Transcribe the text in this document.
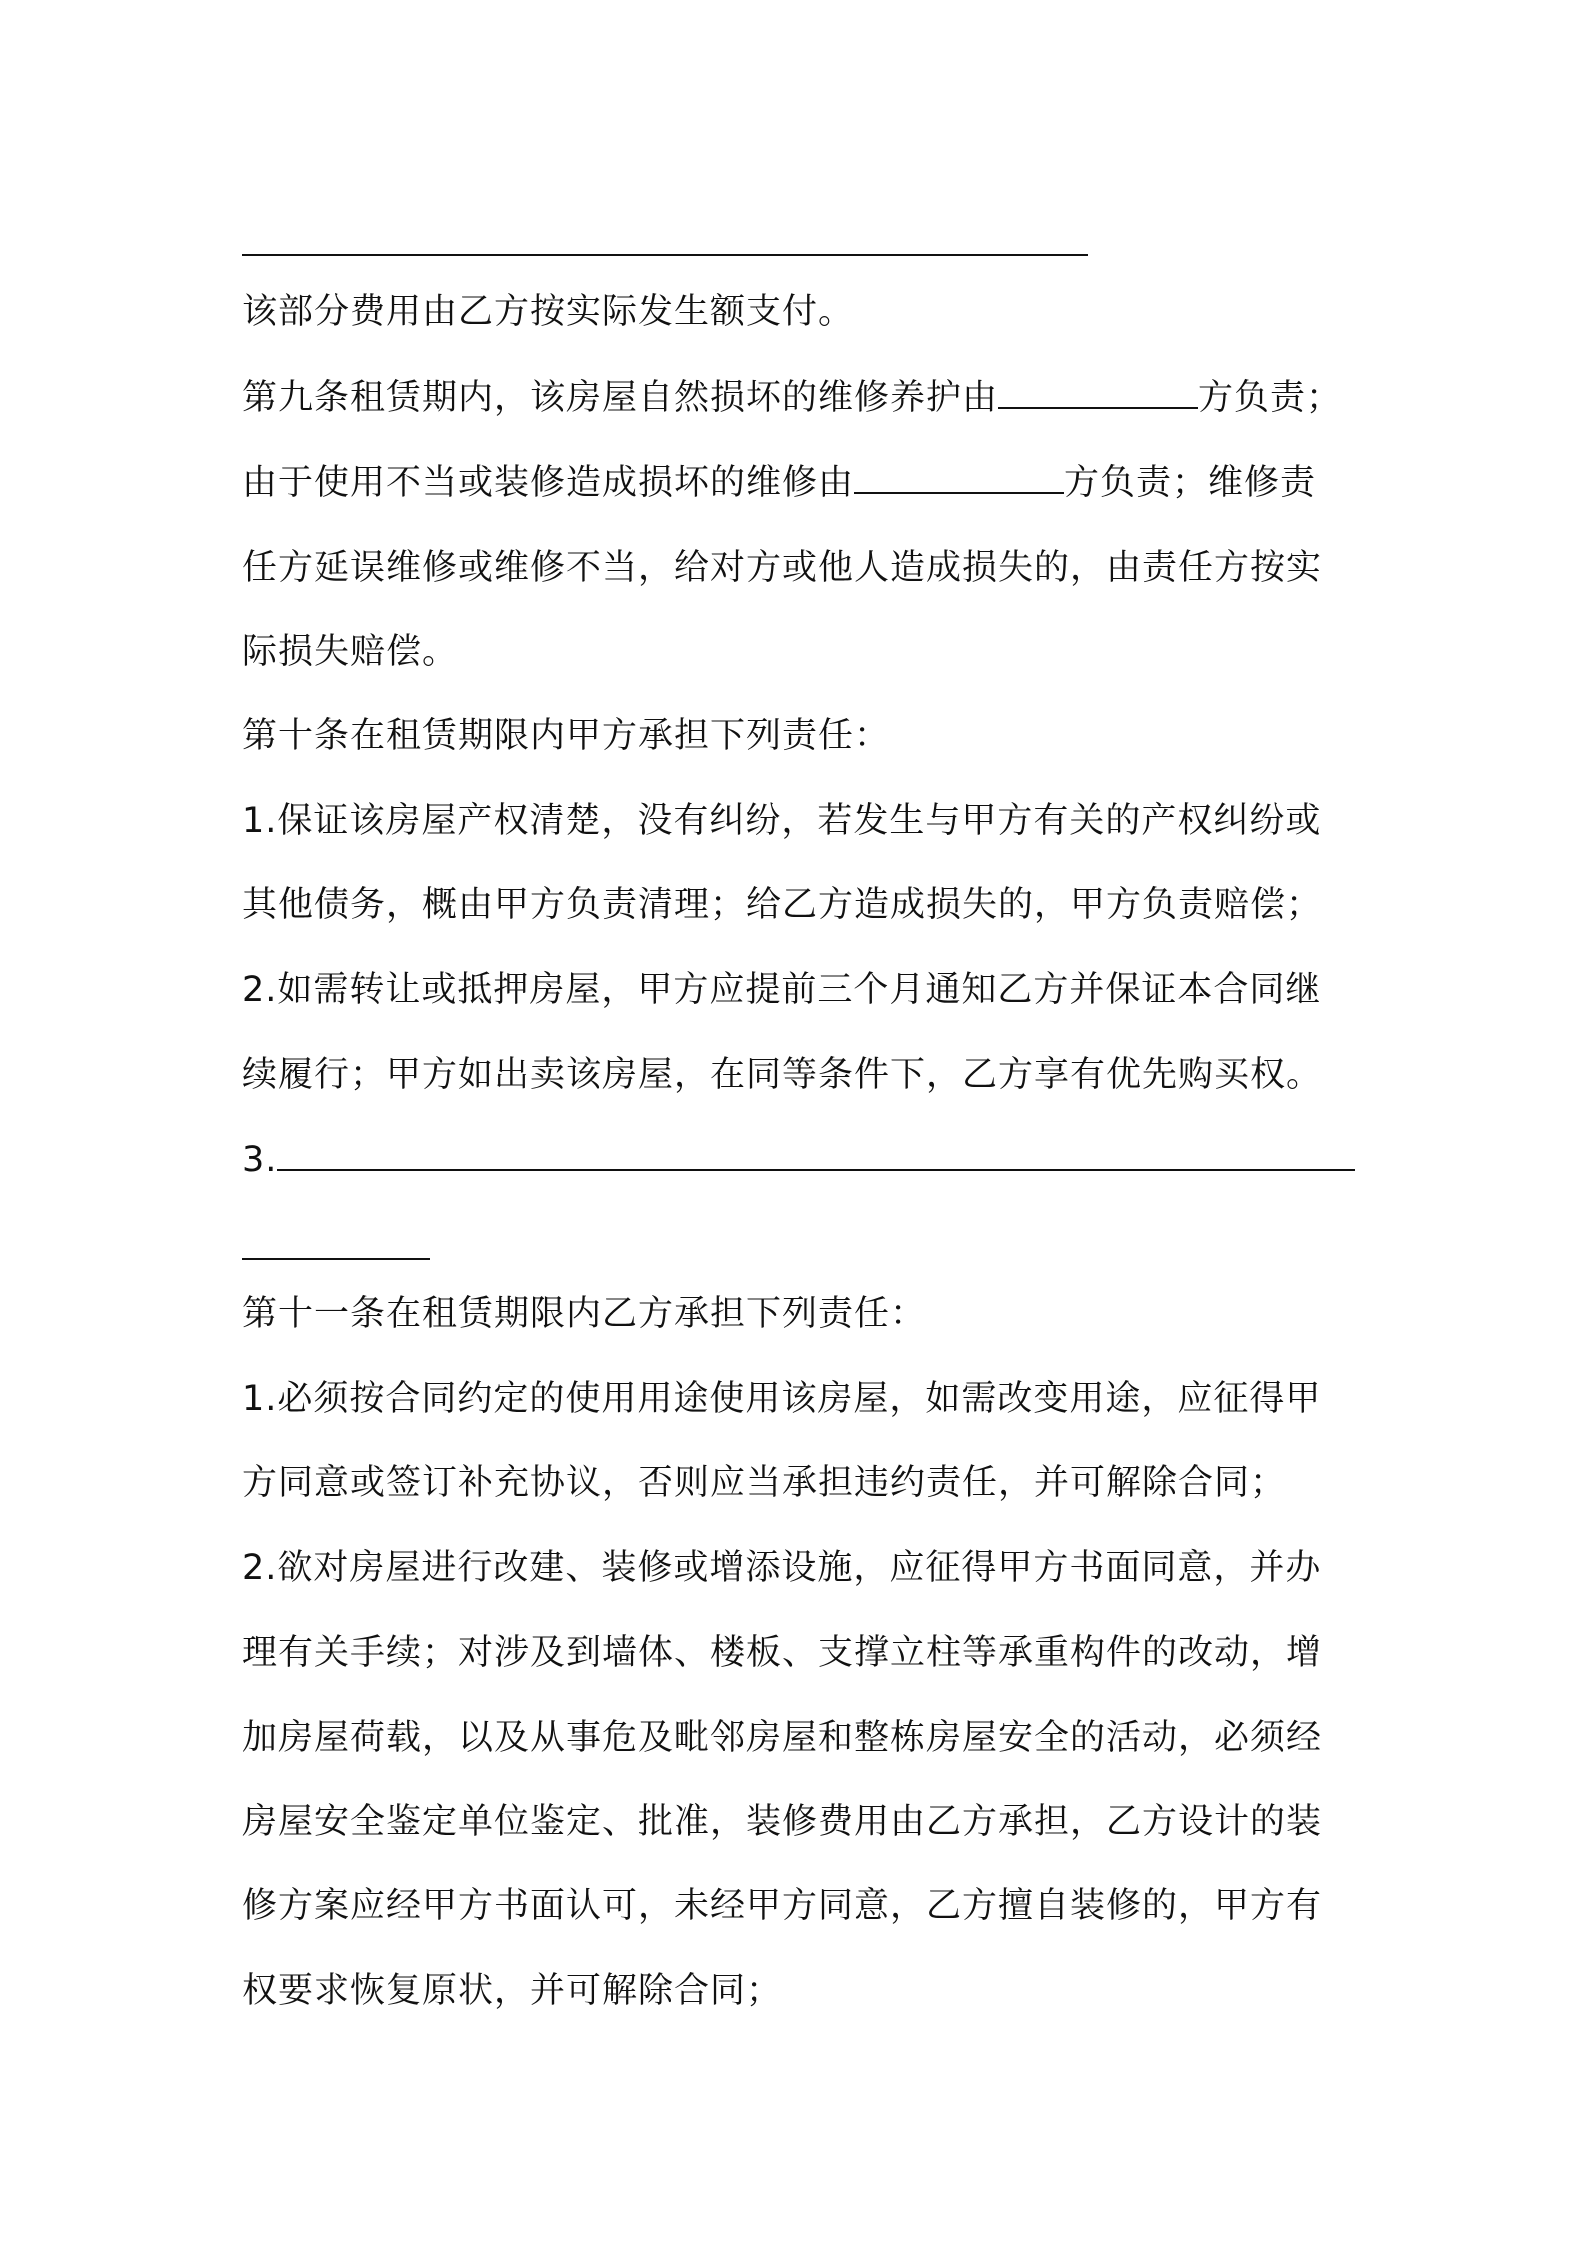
该部分费用由乙方按实际发生额支付。
第九条租赁期内，该房屋自然损坏的维修养护由	方负责；
由于使用不当或装修造成损坏的维修由	方负责；维修责
任方延误维修或维修不当，给对方或他人造成损失的，由责任方按实
际损失赔偿。
第十条在租赁期限内甲方承担下列责任：
1.保证该房屋产权清楚，没有纠纷，若发生与甲方有关的产权纠纷或
其他债务，概由甲方负责清理；给乙方造成损失的，甲方负责赔偿；
2.如需转让或抵押房屋，甲方应提前三个月通知乙方并保证本合同继
续履行；甲方如出卖该房屋，在同等条件下，乙方享有优先购买权。
3.
第十一条在租赁期限内乙方承担下列责任：
1.必须按合同约定的使用用途使用该房屋，如需改变用途，应征得甲
方同意或签订补充协议，否则应当承担违约责任，并可解除合同；
2.欲对房屋进行改建、装修或增添设施，应征得甲方书面同意，并办
理有关手续；对涉及到墙体、楼板、支撑立柱等承重构件的改动，增
加房屋荷载，以及从事危及毗邻房屋和整栋房屋安全的活动，必须经
房屋安全鉴定单位鉴定、批准，装修费用由乙方承担，乙方设计的装
修方案应经甲方书面认可，未经甲方同意，乙方擅自装修的，甲方有
权要求恢复原状，并可解除合同；
